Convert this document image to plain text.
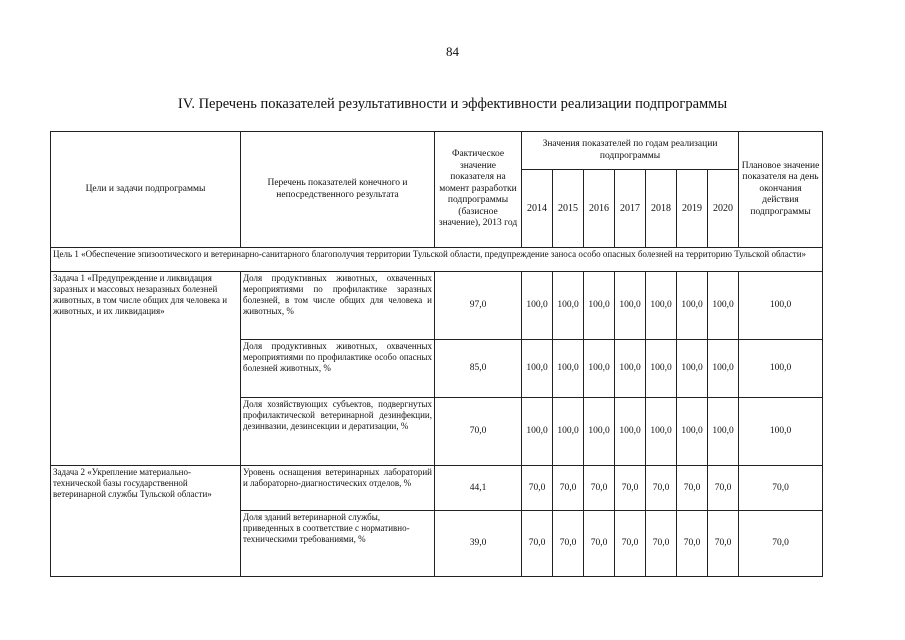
84
IV. Перечень показателей результативности и эффективности реализации подпрограммы
Цели и задачи подпрограммы	Перечень показателей конечного и непосредственного результата	Фактическое значение показателя на момент разработки подпрограммы (базисное значение), 2013 год	Значения показателей по годам реализации подпрограммы							Плановое значение показателя на день окончания действия подпрограммы
			2014	2015	2016	2017	2018	2019	2020	
Цель 1 «Обеспечение эпизоотического и ветеринарно-санитарного благополучия территории Тульской области, предупреждение заноса особо опасных болезней на территорию Тульской области»										
Задача 1 «Предупреждение и ликвидация заразных и массовых незаразных болезней животных, в том числе общих для человека и животных, и их ликвидация»	Доля продуктивных животных, охваченных мероприятиями по профилактике заразных болезней, в том числе общих для человека и животных, %	97,0	100,0	100,0	100,0	100,0	100,0	100,0	100,0	100,0
	Доля продуктивных животных, охваченных мероприятиями по профилактике особо опасных болезней животных, %	85,0	100,0	100,0	100,0	100,0	100,0	100,0	100,0	100,0
	Доля хозяйствующих субъектов, подвергнутых профилактической ветеринарной дезинфекции, дезинвазии, дезинсекции и дератизации, %	70,0	100,0	100,0	100,0	100,0	100,0	100,0	100,0	100,0
Задача 2 «Укрепление материально-технической базы государственной ветеринарной службы Тульской области»	Уровень оснащения ветеринарных лабораторий и лабораторно-диагностических отделов, %	44,1	70,0	70,0	70,0	70,0	70,0	70,0	70,0	70,0
	Доля зданий ветеринарной службы, приведенных в соответствие с нормативно-техническими требованиями, %	39,0	70,0	70,0	70,0	70,0	70,0	70,0	70,0	70,0
